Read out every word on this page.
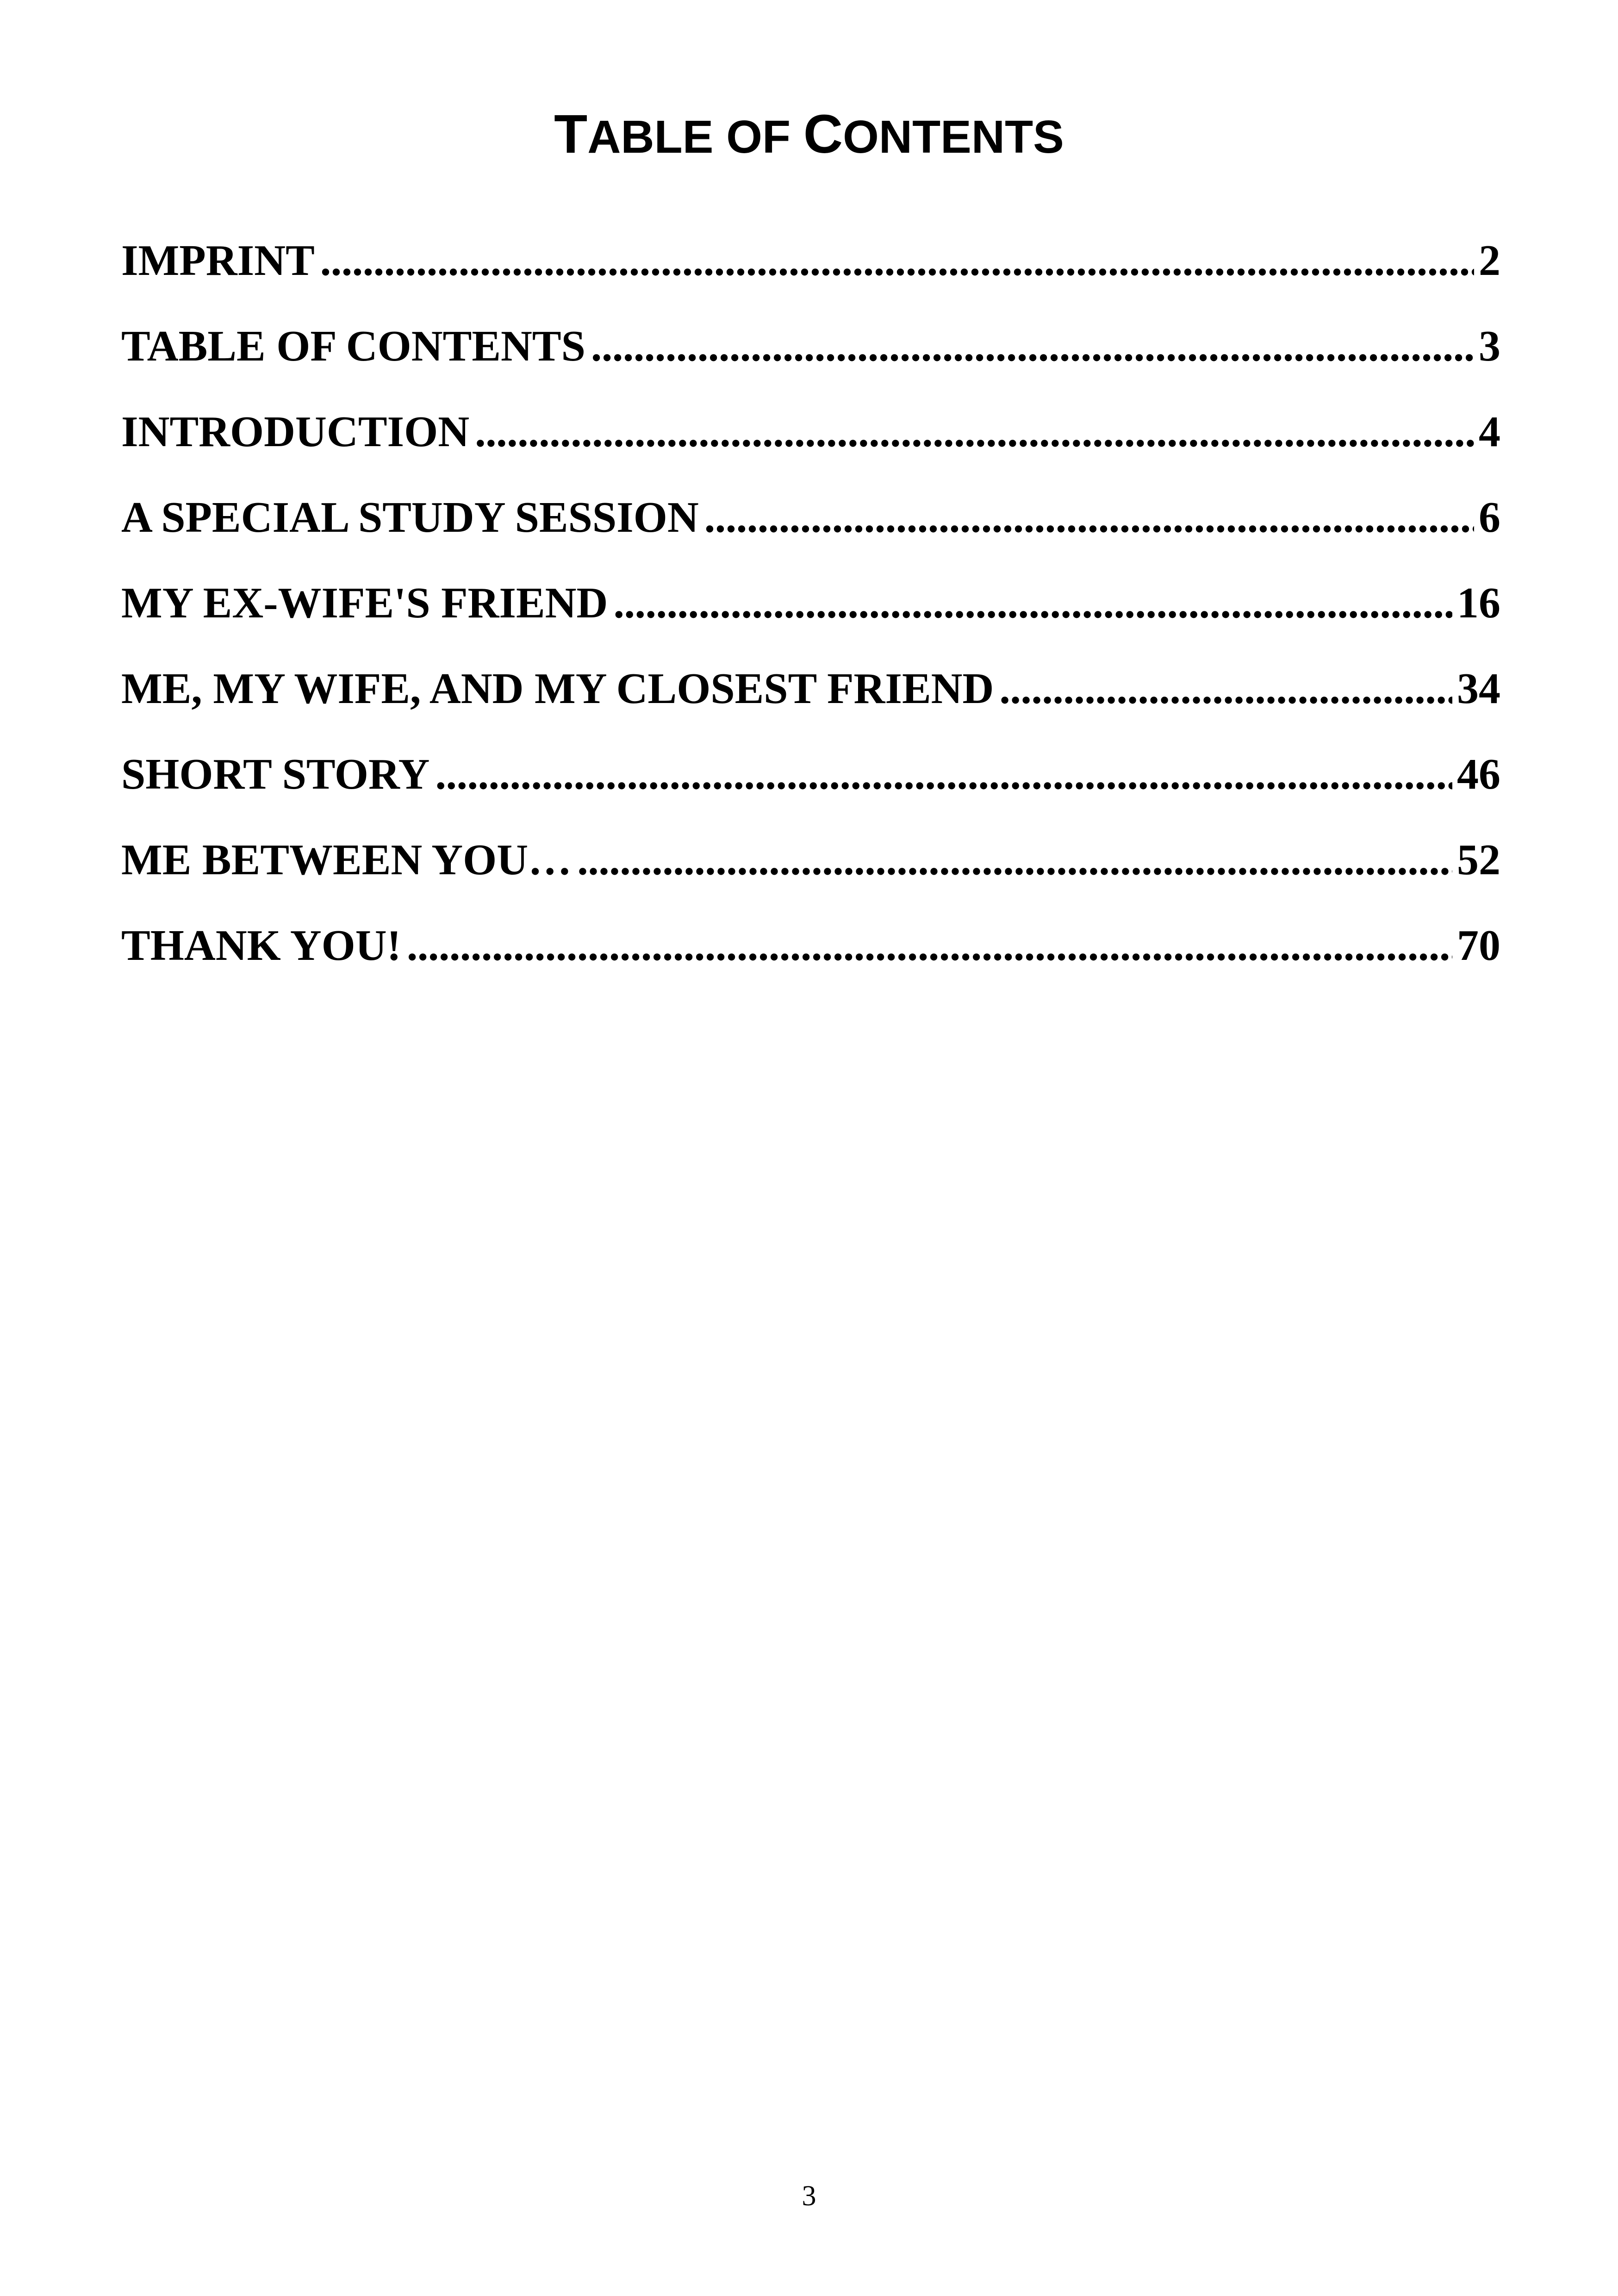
TABLE OF CONTENTS
IMPRINT . . .	2
TABLE OF CONTENTS . . .	3
INTRODUCTION . . .	4
A SPECIAL STUDY SESSION . . .	6
MY EX-WIFE'S FRIEND . . .	16
ME, MY WIFE, AND MY CLOSEST FRIEND . . .	34
SHORT STORY . . .	46
ME BETWEEN YOU… . . .	52
THANK YOU! . . .	70
3
